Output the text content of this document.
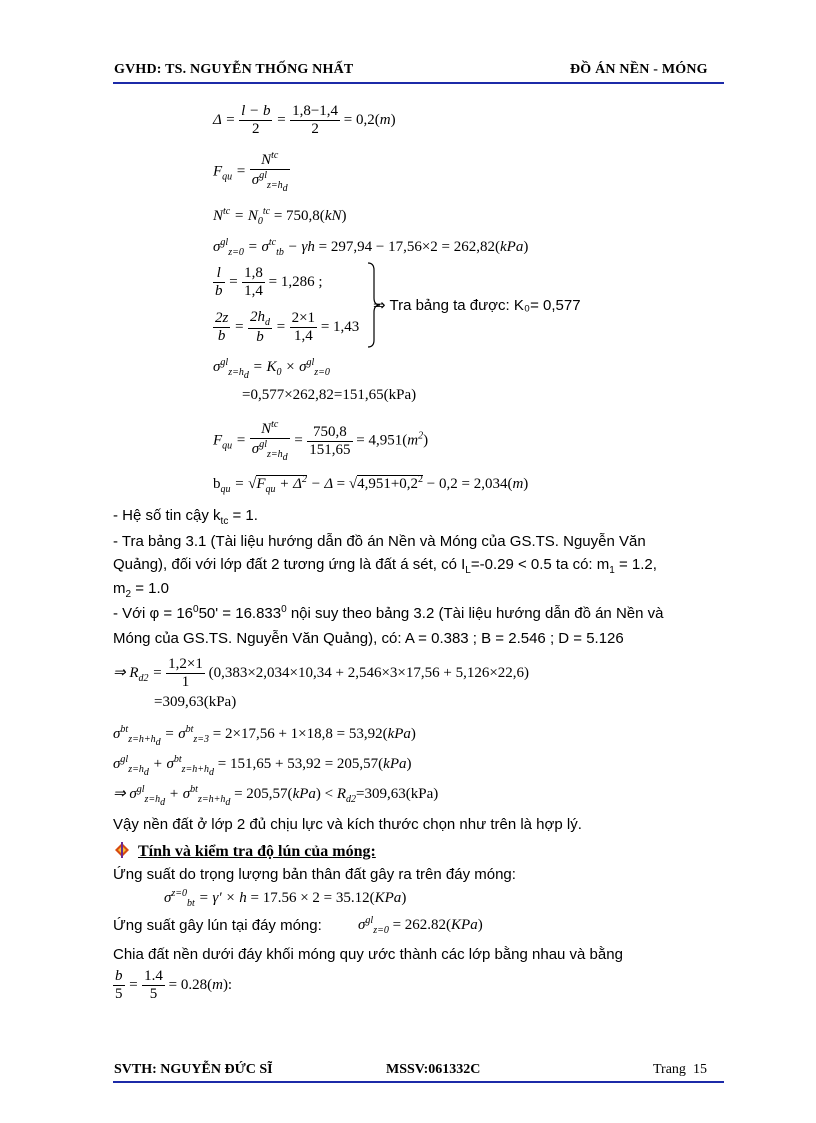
GVHD: TS. NGUYỄN THỐNG NHẤT	ĐỒ ÁN NỀN - MÓNG
$\Delta = \frac{l - b}{2} = \frac{1,8-1,4}{2} = 0,2(m)$
$F_{qu} = \frac{N^{tc}}{\sigma^{gl}_{z=h_d}}$
$N^{tc} = N_0^{tc} = 750,8(kN)$
$\sigma^{gl}_{z=0} = \sigma^{tc}_{tb} - \gamma h = 297,94 - 17,56\times 2 = 262,82(kPa)$
$\frac{l}{b} = \frac{1,8}{1,4} = 1,286$ ;
$\frac{2z}{b} = \frac{2h_d}{b} = \frac{2\times 1}{1,4} = 1,43$
⇒ Tra bảng ta được: K₀= 0,577
$\sigma^{gl}_{z=h_d} = K_0 \times \sigma^{gl}_{z=0}$
=0,577×262,82=151,65(kPa)
$F_{qu} = \frac{N^{tc}}{\sigma^{gl}_{z=h_d}} = \frac{750,8}{151,65} = 4,951(m^2)$
$b_{qu} = √F_{qu} + \Delta^2 - \Delta = √4,951+0,2^2 - 0,2 = 2,034(m)$
- Hệ số tin cậy $k_{tc} = 1$.
- Tra bảng 3.1 (Tài liệu hướng dẫn đồ án Nền và Móng của GS.TS. Nguyễn Văn
Quảng), đối với lớp đất 2 tương ứng là đất á sét, có $I_L=-0.29 < 0.5$ ta có: $m_1 = 1.2$,
$m_2 = 1.0$
- Với $\varphi = 16^050' = 16.833^0$ nội suy theo bảng 3.2 (Tài liệu hướng dẫn đồ án Nền và
Móng của GS.TS. Nguyễn Văn Quảng), có: A = 0.383 ; B = 2.546 ; D = 5.126
⇒ $R_{d2} = \frac{1,2\times 1}{1} (0,383\times 2,034\times 10,34 + 2,546\times 3\times 17,56 + 5,126\times 22,6)$
=309,63(kPa)
$\sigma^{bt}_{z=h+h_d} = \sigma^{bt}_{z=3} = 2\times 17,56 + 1\times 18,8 = 53,92(kPa)$
$\sigma^{gl}_{z=h_d} + \sigma^{bt}_{z=h+h_d} = 151,65 + 53,92 = 205,57(kPa)$
⇒ $\sigma^{gl}_{z=h_d} + \sigma^{bt}_{z=h+h_d} = 205,57(kPa) < R_{d2}=309,63(kPa)$
Vậy nền đất ở lớp 2 đủ chịu lực và kích thước chọn như trên là hợp lý.
Tính và kiểm tra độ lún của móng:
Ứng suất do trọng lượng bản thân đất gây ra trên đáy móng:
$\sigma^{z=0}_{bt} = \gamma' \times h = 17.56 \times 2 = 35.12(KPa)$
Ứng suất gây lún tại đáy móng: $\sigma^{gl}_{z=0} = 262.82(KPa)$
Chia đất nền dưới đáy khối móng quy ước thành các lớp bằng nhau và bằng
$\frac{b}{5} = \frac{1.4}{5} = 0.28(m)$:
SVTH: NGUYỄN ĐỨC SĨ	MSSV:061332C	Trang 15
